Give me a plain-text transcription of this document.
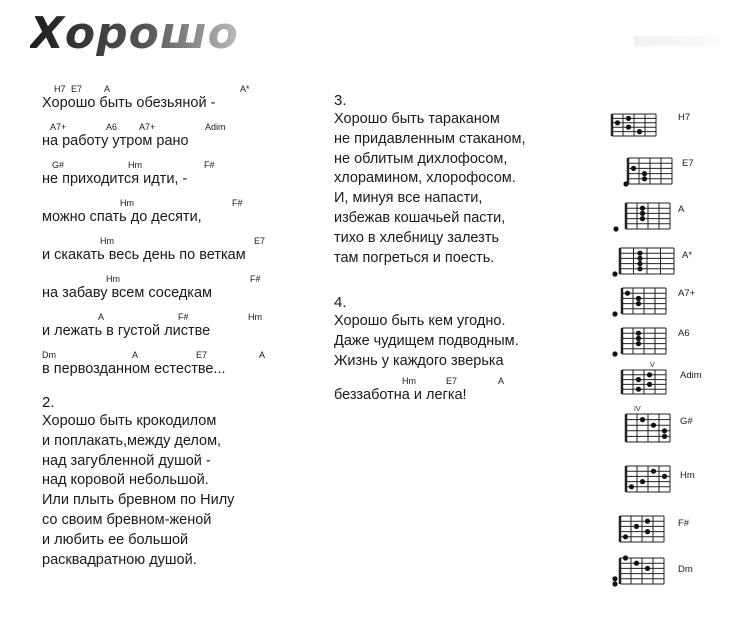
Хорошо
H7 E7 A	A*
Хорошо быть обезьяной -
A7+	A6 A7+	Adim
на работу утром рано
G#	Hm	F#
не приходится идти, -
Hm	F#
можно спать до десяти,
Hm	E7
и скакать весь день по веткам
Hm	F#
на забаву всем соседкам
A	F#	Hm
и лежать в густой листве
Dm	A	E7	A
в первозданном естестве...
2.
Хорошо быть крокодилом
и поплакать,между делом,
над загубленной душой -
над коровой небольшой.
Или плыть бревном по Нилу
со своим бревном-женой
и любить ее большой
расквадратною душой.
3.
Хорошо быть тараканом
не придавленным стаканом,
не облитым дихлофосом,
хлорамином, хлорофосом.
И, минуя все напасти,
избежав кошачьей пасти,
тихо в хлебницу залезть
там погреться и поесть.
4.
Хорошо быть кем угодно.
Даже чудищем подводным.
Жизнь у каждого зверька
Hm	E7	A
беззаботна и легка!
H7
E7
A
A*
A7+
A6
V
Adim
IV
G#
Hm
F#
Dm
